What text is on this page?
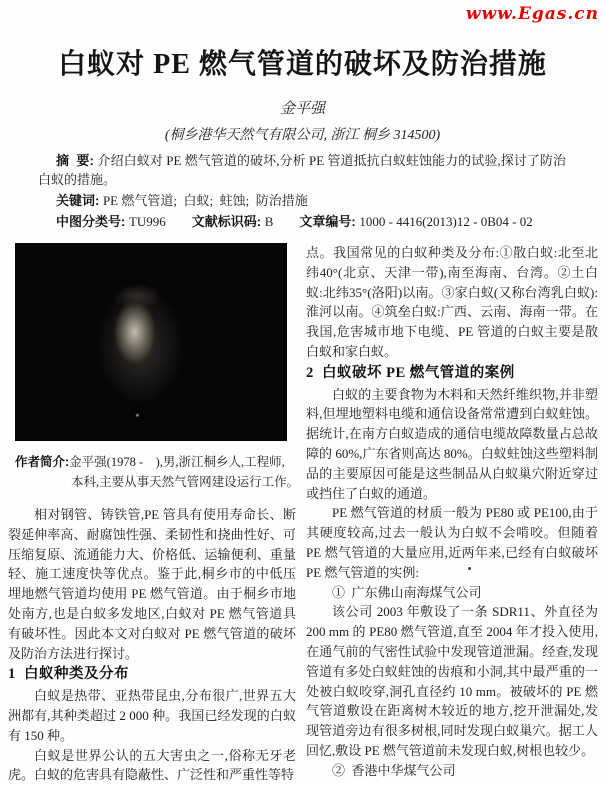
www.Egas.cn
白蚁对 PE 燃气管道的破坏及防治措施
金平强
(桐乡港华天然气有限公司, 浙江 桐乡 314500)

摘  要: 介绍白蚁对 PE 燃气管道的破坏,分析 PE 管道抵抗白蚁蛀蚀能力的试验,探讨了防治白蚁的措施。

关键词: PE 燃气管道;  白蚁;  蛀蚀;  防治措施

中图分类号: TU996 文献标识码: B 文章编号: 1000 - 4416(2013)12 - 0B04 - 02

作者简介:金平强(1978 -    ),男,浙江桐乡人,工程师,
本科,主要从事天然气管网建设运行工作。

相对钢管、铸铁管,PE 管具有使用寿命长、断裂延伸率高、耐腐蚀性强、柔韧性和挠曲性好、可压缩复原、流通能力大、价格低、运输便利、重量轻、施工速度快等优点。鉴于此,桐乡市的中低压埋地燃气管道均使用 PE 燃气管道。由于桐乡市地处南方,也是白蚁多发地区,白蚁对 PE 燃气管道具有破坏性。因此本文对白蚁对 PE 燃气管道的破坏及防治方法进行探讨。

1  白蚁种类及分布

白蚁是热带、亚热带昆虫,分布很广,世界五大洲都有,其种类超过 2 000 种。我国已经发现的白蚁有 150 种。

白蚁是世界公认的五大害虫之一,俗称无牙老虎。白蚁的危害具有隐蔽性、广泛性和严重性等特

点。我国常见的白蚁种类及分布:①散白蚁:北至北纬40°(北京、天津一带),南至海南、台湾。②土白蚁:北纬35°(洛阳)以南。③家白蚁(又称台湾乳白蚁):淮河以南。④筑垒白蚁:广西、云南、海南一带。在我国,危害城市地下电缆、PE 管道的白蚁主要是散白蚁和家白蚁。

2  白蚁破坏 PE 燃气管道的案例

白蚁的主要食物为木料和天然纤维织物,并非塑料,但埋地塑料电缆和通信设备常常遭到白蚁蛀蚀。据统计,在南方白蚁造成的通信电缆故障数量占总故障的 60%,广东省则高达 80%。白蚁蛀蚀这些塑料制品的主要原因可能是这些制品从白蚁巢穴附近穿过或挡住了白蚁的通道。

PE 燃气管道的材质一般为 PE80 或 PE100,由于其硬度较高,过去一般认为白蚁不会啃咬。但随着 PE 燃气管道的大量应用,近两年来,已经有白蚁破坏 PE 燃气管道的实例:

①  广东佛山南海煤气公司

该公司 2003 年敷设了一条 SDR11、外直径为 200 mm 的 PE80 燃气管道,直至 2004 年才投入使用,在通气前的气密性试验中发现管道泄漏。经查,发现管道有多处白蚁蛀蚀的齿痕和小洞,其中最严重的一处被白蚁咬穿,洞孔直径约 10 mm。被破坏的 PE 燃气管道敷设在距离树木较近的地方,挖开泄漏处,发现管道旁边有很多树根,同时发现白蚁巢穴。据工人回忆,敷设 PE 燃气管道前未发现白蚁,树根也较少。

②  香港中华煤气公司
